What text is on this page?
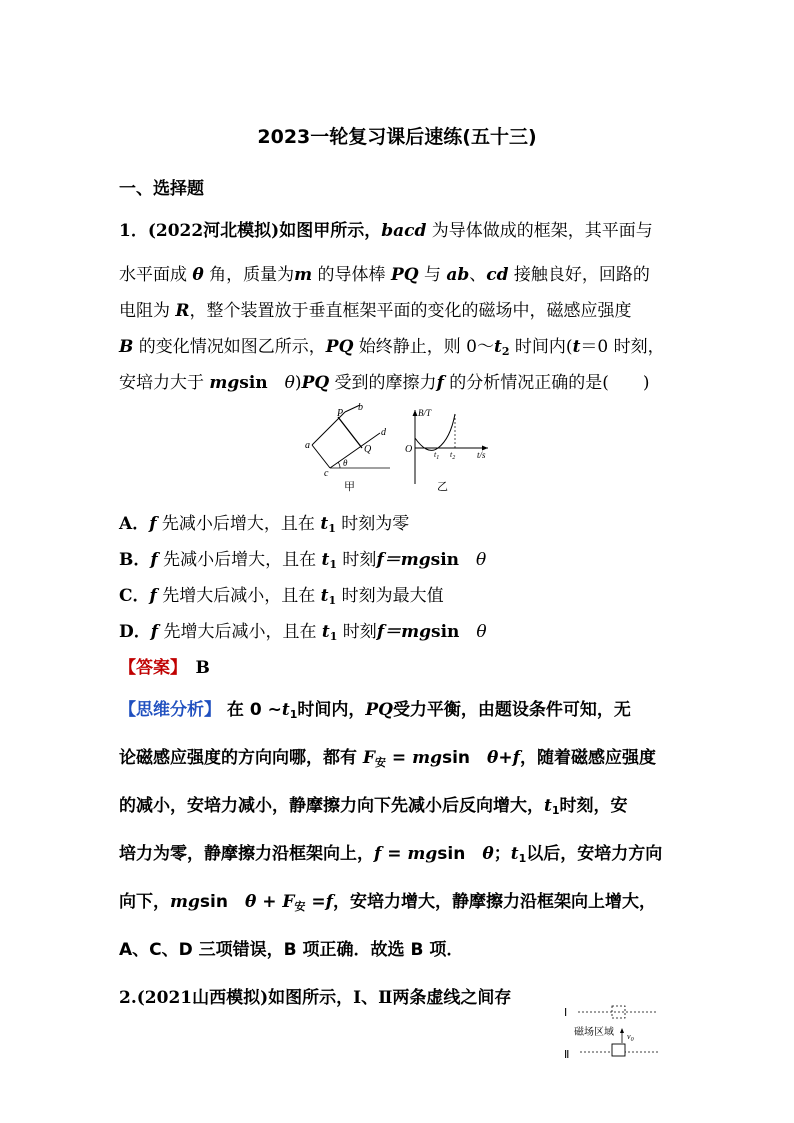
2023一轮复习课后速练(五十三)
一、选择题
1．(2022河北模拟)如图甲所示，bacd 为导体做成的框架，其平面与
水平面成 θ 角，质量为m 的导体棒 PQ 与 ab、cd 接触良好，回路的
电阻为 R，整个装置放于垂直框架平面的变化的磁场中，磁感应强度
B 的变化情况如图乙所示，PQ 始终静止，则 $0\sim t_2$ 时间内(t＝0 时刻，
安培力大于 mgsin　θ)PQ 受到的摩擦力f 的分析情况正确的是(　　)
a
b
c
d
P
Q
θ
甲
B/T
t/s
O	$t_1$ $t_2$
乙
A．f 先减小后增大，且在 $t_1$ 时刻为零
B．f 先减小后增大，且在 $t_1$ 时刻f＝mgsin　θ
C．f 先增大后减小，且在 $t_1$ 时刻为最大值
D．f 先增大后减小，且在 $t_1$ 时刻f＝mgsin　θ
【答案】　 B
【思维分析】 在 0 $\sim t_1$时间内，PQ受力平衡，由题设条件可知，无
论磁感应强度的方向向哪，都有 $F_安 = mgsin$　θ+f，随着磁感应强度
的减小，安培力减小，静摩擦力向下先减小后反向增大，$t_1$时刻，安
培力为零，静摩擦力沿框架向上，f = mgsin　θ；$t_1$以后，安培力方向
向下，mgsin　$\theta + F_安 =f$，安培力增大，静摩擦力沿框架向上增大，
A、C、D 三项错误，B 项正确．故选 B 项．
2.(2021山西模拟)如图所示，Ⅰ、Ⅱ两条虚线之间存
Ⅰ
磁场区域 $v_0$
Ⅱ
